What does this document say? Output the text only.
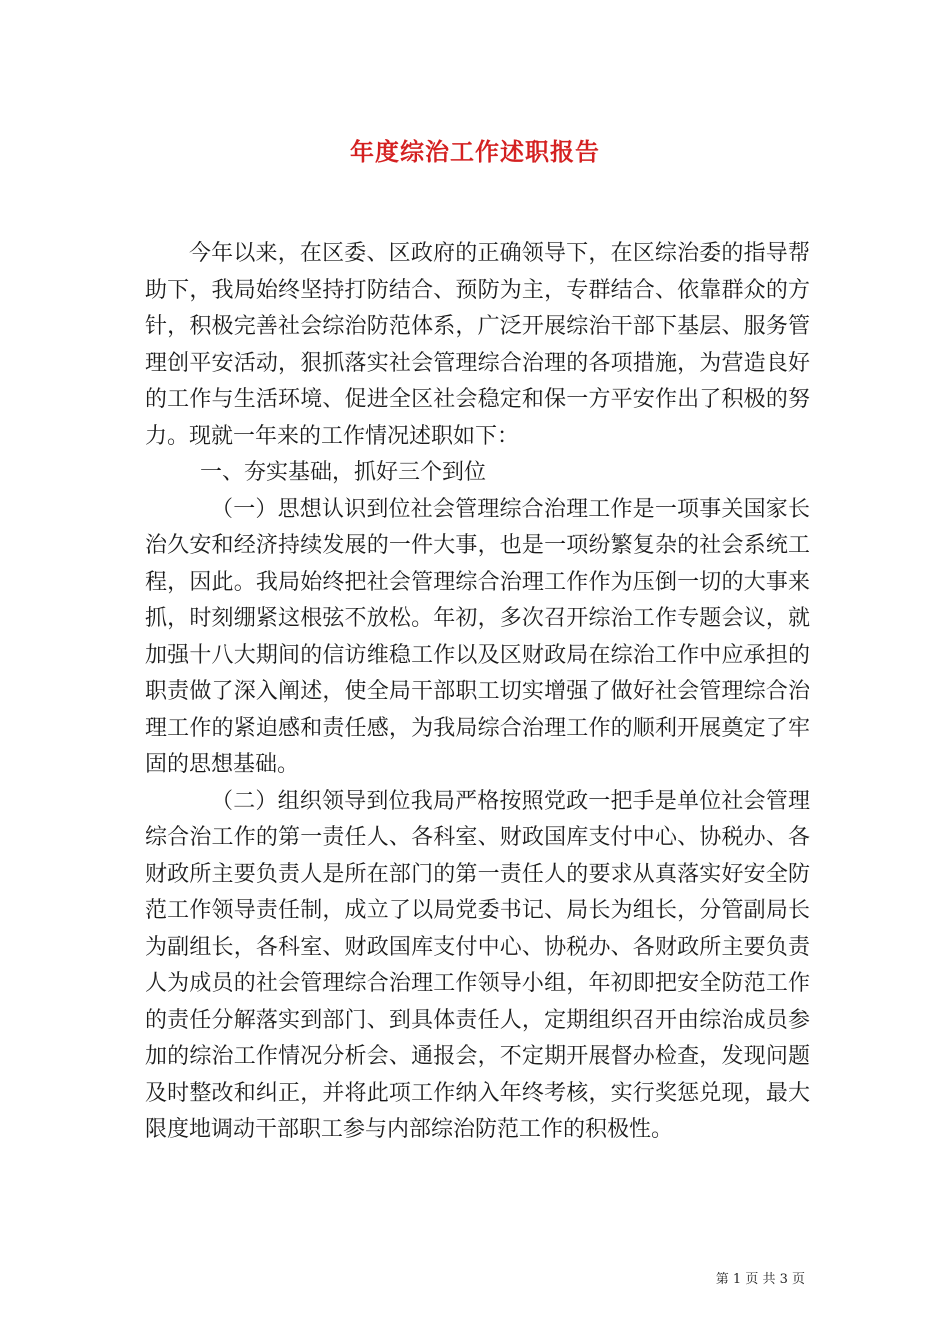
年度综治工作述职报告

今年以来，在区委、区政府的正确领导下，在区综治委的指导帮助下，我局始终坚持打防结合、预防为主，专群结合、依靠群众的方针，积极完善社会综治防范体系，广泛开展综治干部下基层、服务管理创平安活动，狠抓落实社会管理综合治理的各项措施，为营造良好的工作与生活环境、促进全区社会稳定和保一方平安作出了积极的努力。现就一年来的工作情况述职如下：

一、夯实基础，抓好三个到位

（一）思想认识到位社会管理综合治理工作是一项事关国家长治久安和经济持续发展的一件大事，也是一项纷繁复杂的社会系统工程，因此。我局始终把社会管理综合治理工作作为压倒一切的大事来抓，时刻绷紧这根弦不放松。年初，多次召开综治工作专题会议，就加强十八大期间的信访维稳工作以及区财政局在综治工作中应承担的职责做了深入阐述，使全局干部职工切实增强了做好社会管理综合治理工作的紧迫感和责任感，为我局综合治理工作的顺利开展奠定了牢固的思想基础。

（二）组织领导到位我局严格按照党政一把手是单位社会管理综合治工作的第一责任人、各科室、财政国库支付中心、协税办、各财政所主要负责人是所在部门的第一责任人的要求从真落实好安全防范工作领导责任制，成立了以局党委书记、局长为组长，分管副局长为副组长，各科室、财政国库支付中心、协税办、各财政所主要负责人为成员的社会管理综合治理工作领导小组，年初即把安全防范工作的责任分解落实到部门、到具体责任人，定期组织召开由综治成员参加的综治工作情况分析会、通报会，不定期开展督办检查，发现问题及时整改和纠正，并将此项工作纳入年终考核，实行奖惩兑现，最大限度地调动干部职工参与内部综治防范工作的积极性。

第 1 页 共 3 页
